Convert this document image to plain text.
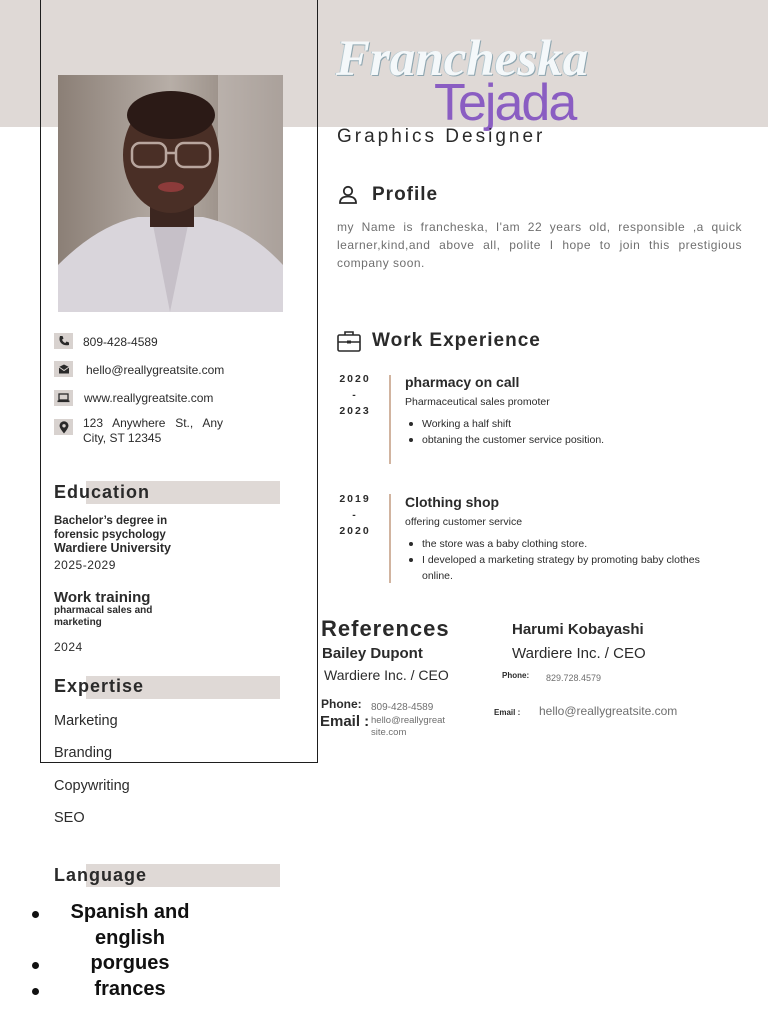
Francheska
Tejada
Graphics Designer
Profile
my Name is francheska, I'am 22 years old, responsible ,a quick learner,kind,and above all, polite I hope to join this prestigious company soon.
809-428-4589
hello@reallygreatsite.com
www.reallygreatsite.com
123 Anywhere St., Any City, ST 12345
Education
Bachelor’s degree in forensic psychology
Wardiere University
2025-2029
Work training
pharmacal sales and marketing
2024
Expertise
Marketing
Branding
Copywriting
SEO
Language
Spanish and english
porgues
frances
Work Experience
2020
-
2023
pharmacy on call
Pharmaceutical sales promoter
Working a half shift
obtaning the customer service position.
2019
-
2020
Clothing shop
offering customer service
the store was a baby clothing store.
I developed a marketing strategy by promoting baby clothes online.
References
Bailey Dupont
Wardiere Inc. / CEO
Phone: 809-428-4589
Email : hello@reallygreat site.com
Harumi Kobayashi
Wardiere Inc. / CEO
Phone: 829.728.4579
Email : hello@reallygreatsite.com
